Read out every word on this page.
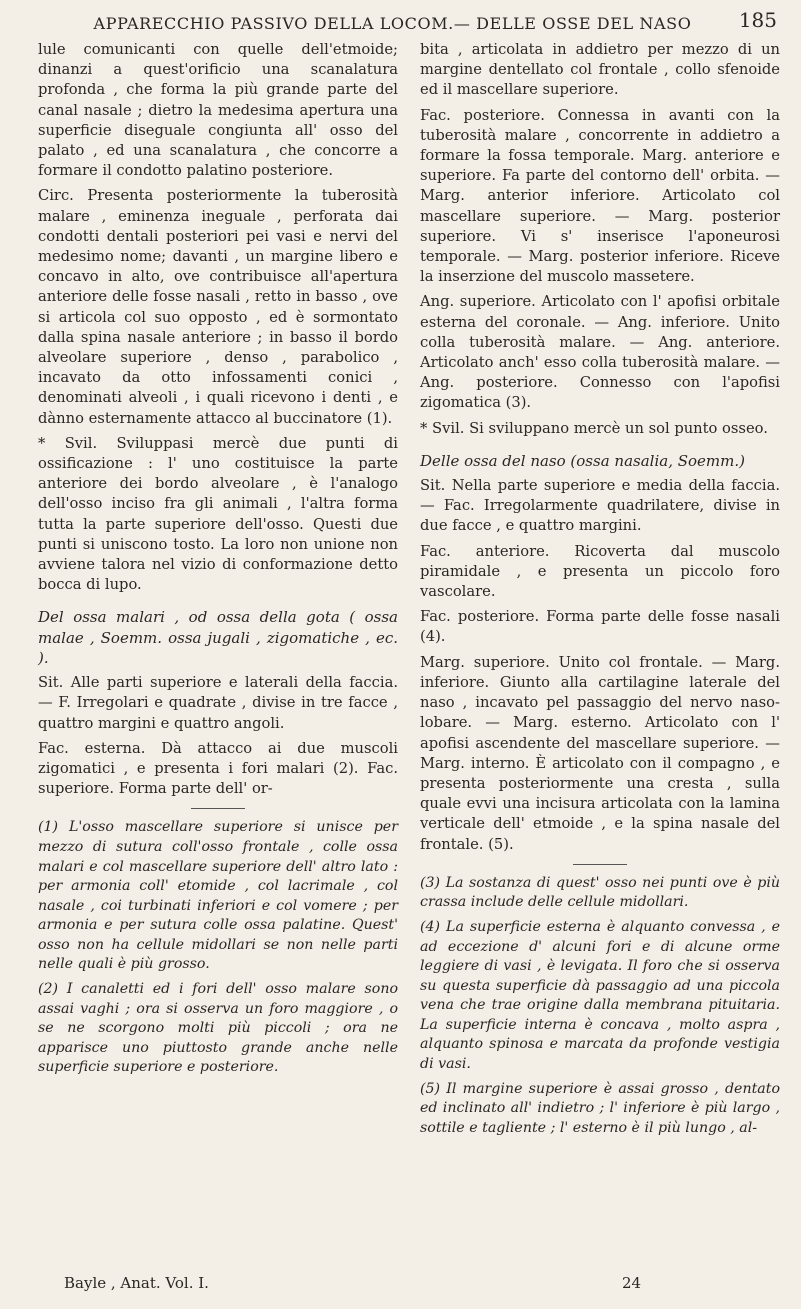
APPARECCHIO PASSIVO DELLA LOCOM.— DELLE OSSE DEL NASO	185

lule comunicanti con quelle dell'etmoide; dinanzi a quest'orificio una scanalatura profonda , che forma la più grande parte del canal nasale ; dietro la medesima apertura una superficie diseguale congiunta all' osso del palato , ed una scanalatura , che concorre a formare il condotto palatino posteriore.

Circ. Presenta posteriormente la tuberosità malare , eminenza ineguale , perforata dai condotti dentali posteriori pei vasi e nervi del medesimo nome; davanti , un margine libero e concavo in alto, ove contribuisce all'apertura anteriore delle fosse nasali , retto in basso , ove si articola col suo opposto , ed è sormontato dalla spina nasale anteriore ; in basso il bordo alveolare superiore , denso , parabolico , incavato da otto infossamenti conici , denominati alveoli , i quali ricevono i denti , e dànno esternamente attacco al buccinatore (1).

* Svil. Sviluppasi mercè due punti di ossificazione : l' uno costituisce la parte anteriore dei bordo alveolare , è l'analogo dell'osso inciso fra gli animali , l'altra forma tutta la parte superiore dell'osso. Questi due punti si uniscono tosto. La loro non unione non avviene talora nel vizio di conformazione detto bocca di lupo.

Del ossa malari , od ossa della gota ( ossa malae , Soemm. ossa jugali , zigomatiche , ec. ).

Sit. Alle parti superiore e laterali della faccia. — F. Irregolari e quadrate , divise in tre facce , quattro margini e quattro angoli.

Fac. esterna. Dà attacco ai due muscoli zigomatici , e presenta i fori malari (2). Fac. superiore. Forma parte dell' or-

(1) L'osso mascellare superiore si unisce per mezzo di sutura coll'osso frontale , colle ossa malari e col mascellare superiore dell' altro lato : per armonia coll' etomide , col lacrimale , col nasale , coi turbinati inferiori e col vomere ; per armonia e per sutura colle ossa palatine. Quest' osso non ha cellule midollari se non nelle parti nelle quali è più grosso.

(2) I canaletti ed i fori dell' osso malare sono assai vaghi ; ora si osserva un foro maggiore , o se ne scorgono molti più piccoli ; ora ne apparisce uno piuttosto grande anche nelle superficie superiore e posteriore.

bita , articolata in addietro per mezzo di un margine dentellato col frontale , collo sfenoide ed il mascellare superiore.

Fac. posteriore. Connessa in avanti con la tuberosità malare , concorrente in addietro a formare la fossa temporale. Marg. anteriore e superiore. Fa parte del contorno dell' orbita. — Marg. anterior inferiore. Articolato col mascellare superiore. — Marg. posterior superiore. Vi s' inserisce l'aponeurosi temporale. — Marg. posterior inferiore. Riceve la inserzione del muscolo massetere.

Ang. superiore. Articolato con l' apofisi orbitale esterna del coronale. — Ang. inferiore. Unito colla tuberosità malare. — Ang. anteriore. Articolato anch' esso colla tuberosità malare. — Ang. posteriore. Connesso con l'apofisi zigomatica (3).

* Svil. Si sviluppano mercè un sol punto osseo.

Delle ossa del naso (ossa nasalia, Soemm.)

Sit. Nella parte superiore e media della faccia. — Fac. Irregolarmente quadrilatere, divise in due facce , e quattro margini.

Fac. anteriore. Ricoverta dal muscolo piramidale , e presenta un piccolo foro vascolare.

Fac. posteriore. Forma parte delle fosse nasali (4).

Marg. superiore. Unito col frontale. — Marg. inferiore. Giunto alla cartilagine laterale del naso , incavato pel passaggio del nervo naso-lobare. — Marg. esterno. Articolato con l' apofisi ascendente del mascellare superiore. — Marg. interno. È articolato con il compagno , e presenta posteriormente una cresta , sulla quale evvi una incisura articolata con la lamina verticale dell' etmoide , e la spina nasale del frontale. (5).

(3) La sostanza di quest' osso nei punti ove è più crassa include delle cellule midollari.

(4) La superficie esterna è alquanto convessa , e ad eccezione d' alcuni fori e di alcune orme leggiere di vasi , è levigata. Il foro che si osserva su questa superficie dà passaggio ad una piccola vena che trae origine dalla membrana pituitaria. La superficie interna è concava , molto aspra , alquanto spinosa e marcata da profonde vestigia di vasi.

(5) Il margine superiore è assai grosso , dentato ed inclinato all' indietro ; l' inferiore è più largo , sottile e tagliente ; l' esterno è il più lungo , al-

Bayle , Anat. Vol. I.	24
